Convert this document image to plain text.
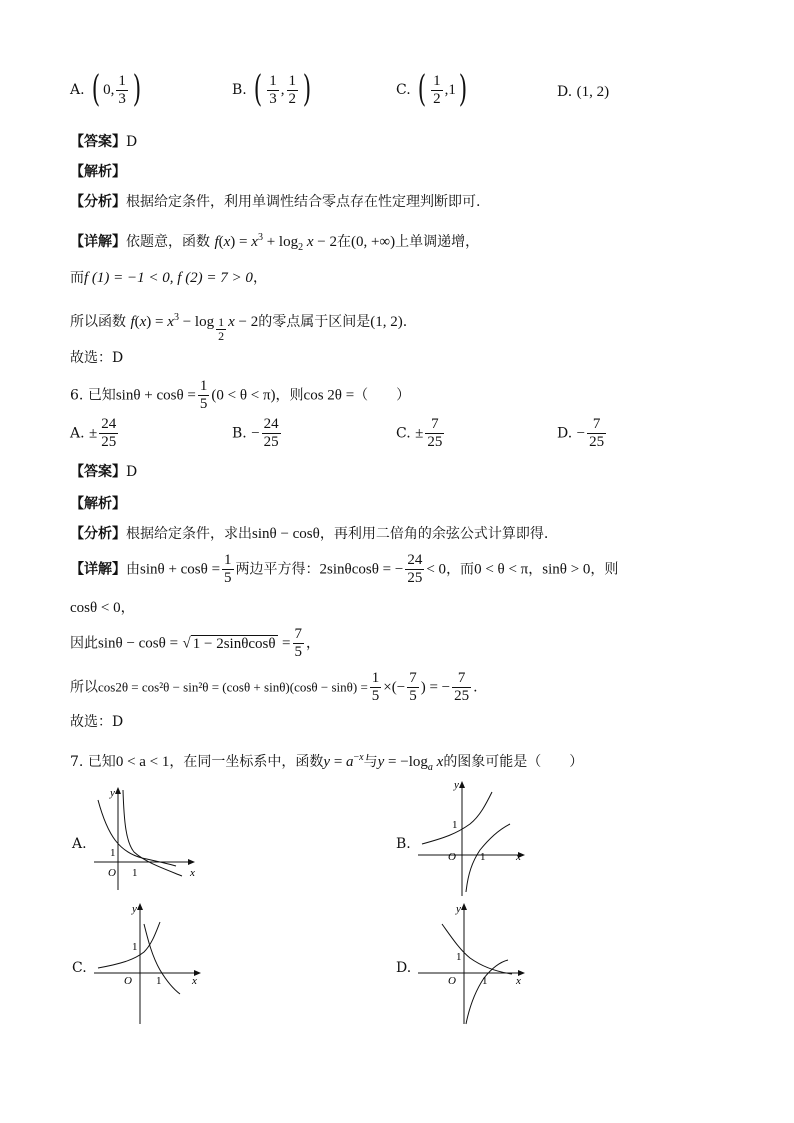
A. ( 0, $\frac{1}{3}$ )	B. ( $\frac{1}{3}$ , $\frac{1}{2}$ )	C. ( $\frac{1}{2} ,1$)	D. (1, 2)
【答案】D
【解析】
【分析】根据给定条件，利用单调性结合零点存在性定理判断即可.
【详解】依题意，函数 $f(x) = x^3 + \log_2 x - 2$在(0, +∞)上单调递增，
而f (1) = −1 < 0, f (2) = 7 > 0，
所以函数 $f(x) = x^3 - \log \frac{1}{2}$ x − 2的零点属于区间是(1, 2).
故选：D
6. 已知$\sin\theta + \cos\theta = \frac{1}{5} (0 < \theta < \pi)$，则cos 2θ =（　　）
A. ± $\frac{24}{25}$	B. − $\frac{24}{25}$	C. ± $\frac{7}{25}$	D. − $\frac{7}{25}$
【答案】D
【解析】
【分析】根据给定条件，求出sinθ − cosθ，再利用二倍角的余弦公式计算即得.
【详解】由$\sin\theta + \cos\theta = \frac{1}{5}$ 两边平方得：2sinθcosθ = − $\frac{24}{25} < 0$，而0 < θ < π，sinθ > 0，则
cosθ < 0，
因此sinθ − cosθ = √ $1 - 2\sin\theta\cos\theta = \frac{7}{5}$ ，
所以$\cos 2\theta = \cos^2\theta - \sin^2\theta = (\cos\theta + \sin\theta)(\cos\theta - \sin\theta) = \frac{1}{5}$ ×(− $\frac{7}{5}$ ) = − $\frac{7}{25}$ .
故选：D
7. 已知0 < a < 1，在同一坐标系中，函数$y = a^{-x}$与$y = -\log_a$ x的图象可能是（　　）
A.	B.
C.	D.
y
x
O 1
1
y
x
O 1
1
y
x
O 1
1
y
x
O 1
1
